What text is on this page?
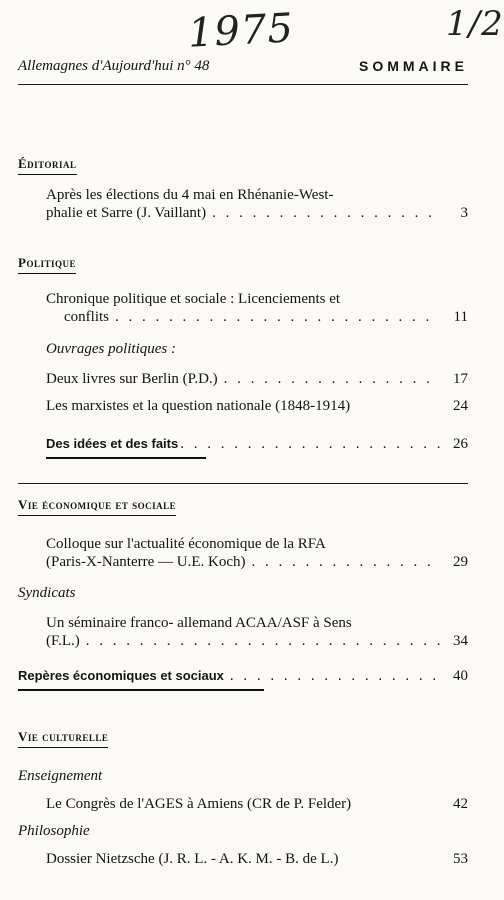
1975	1/2
Allemagnes d'Aujourd'hui n° 48	SOMMAIRE
Éditorial
Après les élections du 4 mai en Rhénanie-West-
phalie et Sarre (J. Vaillant) . . .	3
Politique
Chronique politique et sociale : Licenciements et
conflits . . .	11
Ouvrages politiques :
Deux livres sur Berlin (P.D.) . . .	17
Les marxistes et la question nationale (1848-1914)	24
Des idées et des faits . . .	26
Vie économique et sociale
Colloque sur l'actualité économique de la RFA
(Paris-X-Nanterre — U.E. Koch) . . .	29
Syndicats
Un séminaire franco- allemand ACAA/ASF à Sens
(F.L.) . . .	34
Repères économiques et sociaux . . .	40
Vie culturelle
Enseignement
Le Congrès de l'AGES à Amiens (CR de P. Felder)	42
Philosophie
Dossier Nietzsche (J. R. L. - A. K. M. - B. de L.)	53
